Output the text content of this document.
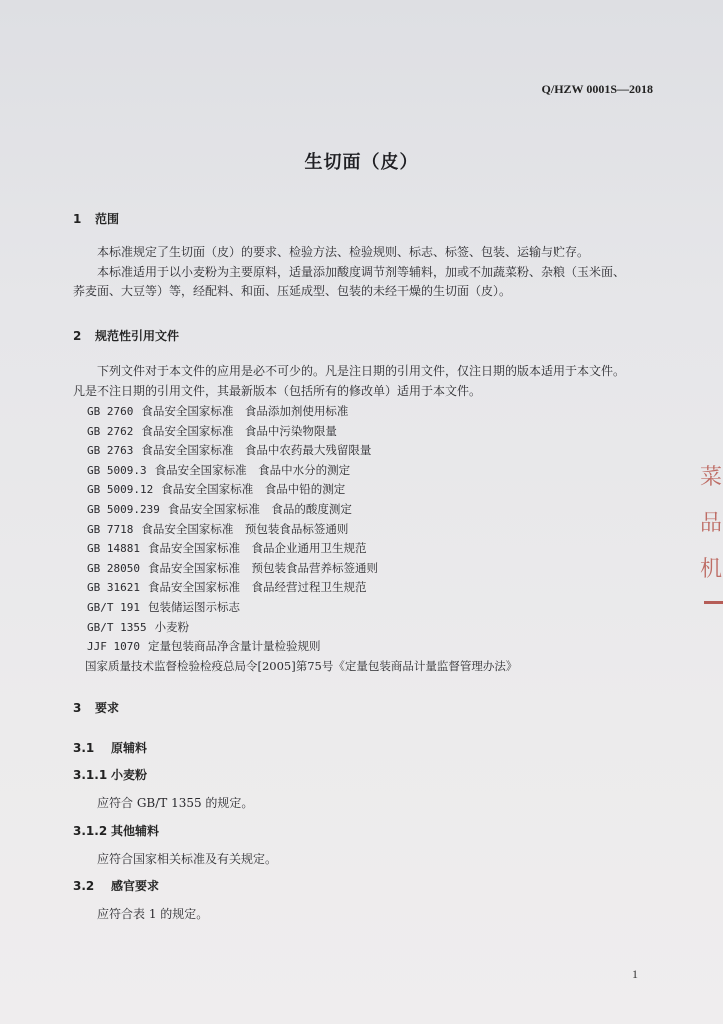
Q/HZW 0001S—2018
生切面（皮）
1 范围
本标准规定了生切面（皮）的要求、检验方法、检验规则、标志、标签、包装、运输与贮存。
本标准适用于以小麦粉为主要原料，适量添加酸度调节剂等辅料，加或不加蔬菜粉、杂粮（玉米面、
荞麦面、大豆等）等，经配料、和面、压延成型、包装的未经干燥的生切面（皮）。
2 规范性引用文件
下列文件对于本文件的应用是必不可少的。凡是注日期的引用文件，仅注日期的版本适用于本文件。
凡是不注日期的引用文件，其最新版本（包括所有的修改单）适用于本文件。
GB 2760 食品安全国家标准　食品添加剂使用标准
GB 2762 食品安全国家标准　食品中污染物限量
GB 2763 食品安全国家标准　食品中农药最大残留限量
GB 5009.3 食品安全国家标准　食品中水分的测定
GB 5009.12 食品安全国家标准　食品中铅的测定
GB 5009.239 食品安全国家标准　食品的酸度测定
GB 7718 食品安全国家标准　预包装食品标签通则
GB 14881 食品安全国家标准　食品企业通用卫生规范
GB 28050 食品安全国家标准　预包装食品营养标签通则
GB 31621 食品安全国家标准　食品经营过程卫生规范
GB/T 191 包装储运图示标志
GB/T 1355 小麦粉
JJF 1070 定量包装商品净含量计量检验规则
国家质量技术监督检验检疫总局令[2005]第75号《定量包装商品计量监督管理办法》
3 要求
3.1 原辅料
3.1.1 小麦粉
应符合 GB/T 1355 的规定。
3.1.2 其他辅料
应符合国家相关标准及有关规定。
3.2 感官要求
应符合表 1 的规定。
1
菜
品
机
